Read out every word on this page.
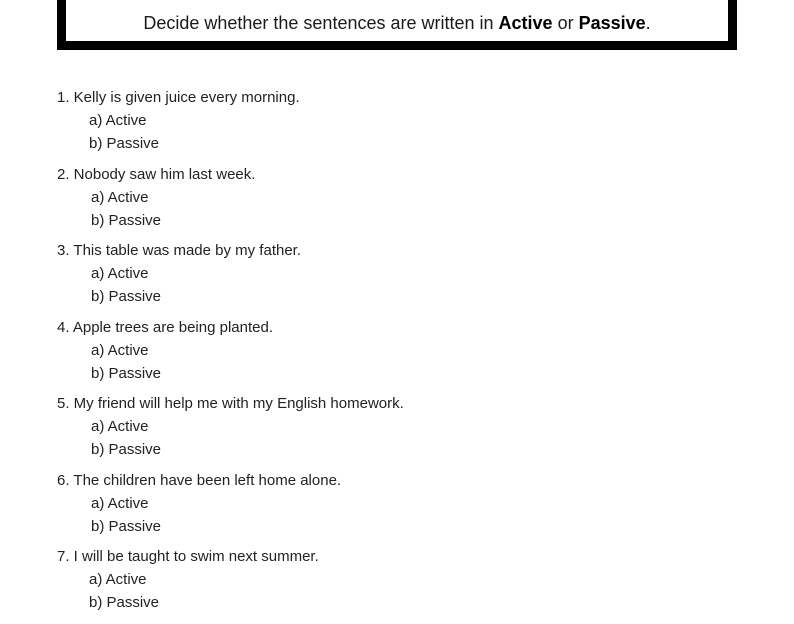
Decide whether the sentences are written in Active or Passive.
1. Kelly is given juice every morning.
a) Active
b) Passive
2. Nobody saw him last week.
a) Active
b) Passive
3. This table was made by my father.
a) Active
b) Passive
4. Apple trees are being planted.
a) Active
b) Passive
5. My friend will help me with my English homework.
a) Active
b) Passive
6. The children have been left home alone.
a) Active
b) Passive
7. I will be taught to swim next summer.
a) Active
b) Passive
